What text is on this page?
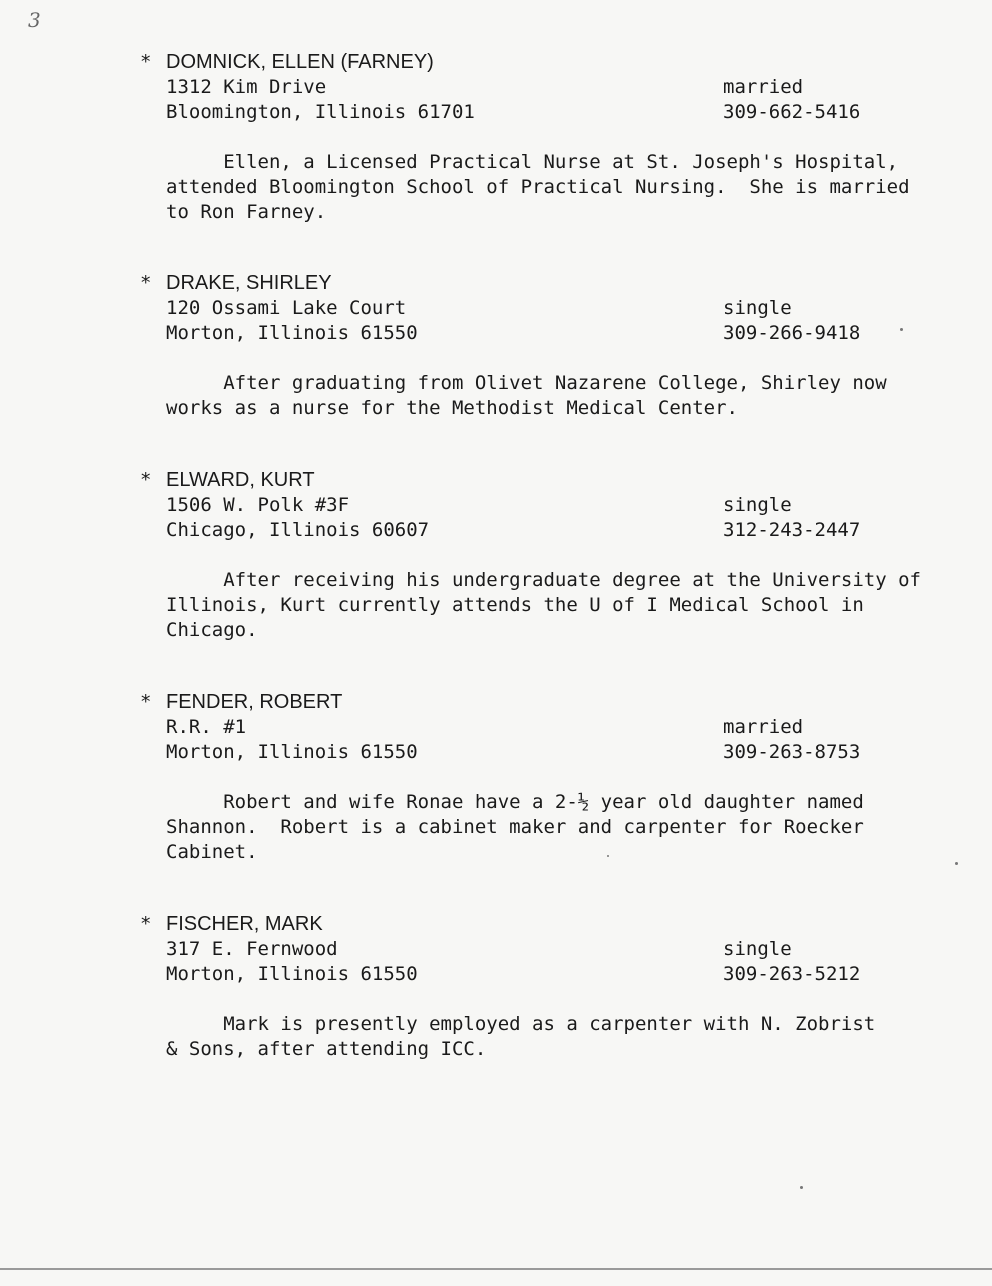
3
* DOMNICK, ELLEN (FARNEY)
1312 Kim Drive	married
Bloomington, Illinois 61701	309-662-5416
Ellen, a Licensed Practical Nurse at St. Joseph's Hospital,
attended Bloomington School of Practical Nursing.  She is married
to Ron Farney.
* DRAKE, SHIRLEY
120 Ossami Lake Court	single
Morton, Illinois 61550	309-266-9418
After graduating from Olivet Nazarene College, Shirley now
works as a nurse for the Methodist Medical Center.
* ELWARD, KURT
1506 W. Polk #3F	single
Chicago, Illinois 60607	312-243-2447
After receiving his undergraduate degree at the University of
Illinois, Kurt currently attends the U of I Medical School in
Chicago.
* FENDER, ROBERT
R.R. #1	married
Morton, Illinois 61550	309-263-8753
Robert and wife Ronae have a 2-½ year old daughter named
Shannon.  Robert is a cabinet maker and carpenter for Roecker
Cabinet.
* FISCHER, MARK
317 E. Fernwood	single
Morton, Illinois 61550	309-263-5212
Mark is presently employed as a carpenter with N. Zobrist
& Sons, after attending ICC.
